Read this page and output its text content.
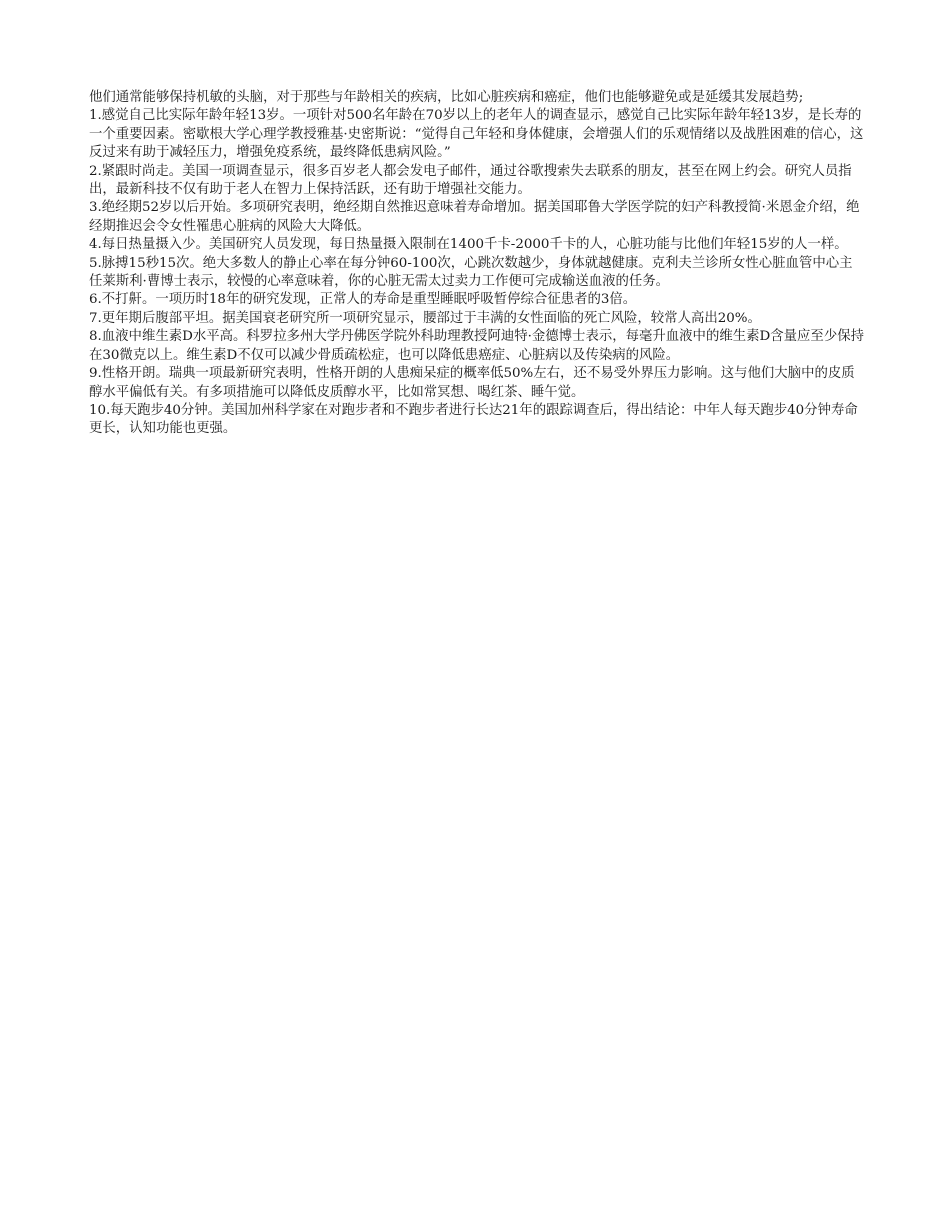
他们通常能够保持机敏的头脑，对于那些与年龄相关的疾病，比如心脏疾病和癌症，他们也能够避免或是延缓其发展趋势;

1.感觉自己比实际年龄年轻13岁。一项针对500名年龄在70岁以上的老年人的调查显示，感觉自己比实际年龄年轻13岁，是长寿的一个重要因素。密歇根大学心理学教授雅基·史密斯说：“觉得自己年轻和身体健康，会增强人们的乐观情绪以及战胜困难的信心，这反过来有助于减轻压力，增强免疫系统，最终降低患病风险。”

2.紧跟时尚走。美国一项调查显示，很多百岁老人都会发电子邮件，通过谷歌搜索失去联系的朋友，甚至在网上约会。研究人员指出，最新科技不仅有助于老人在智力上保持活跃，还有助于增强社交能力。

3.绝经期52岁以后开始。多项研究表明，绝经期自然推迟意味着寿命增加。据美国耶鲁大学医学院的妇产科教授简·米恩金介绍，绝经期推迟会令女性罹患心脏病的风险大大降低。

4.每日热量摄入少。美国研究人员发现，每日热量摄入限制在1400千卡-2000千卡的人，心脏功能与比他们年轻15岁的人一样。

5.脉搏15秒15次。绝大多数人的静止心率在每分钟60-100次，心跳次数越少，身体就越健康。克利夫兰诊所女性心脏血管中心主任莱斯利·曹博士表示，较慢的心率意味着，你的心脏无需太过卖力工作便可完成输送血液的任务。

6.不打鼾。一项历时18年的研究发现，正常人的寿命是重型睡眠呼吸暂停综合征患者的3倍。

7.更年期后腹部平坦。据美国衰老研究所一项研究显示，腰部过于丰满的女性面临的死亡风险，较常人高出20%。

8.血液中维生素D水平高。科罗拉多州大学丹佛医学院外科助理教授阿迪特·金德博士表示，每毫升血液中的维生素D含量应至少保持在30微克以上。维生素D不仅可以减少骨质疏松症，也可以降低患癌症、心脏病以及传染病的风险。

9.性格开朗。瑞典一项最新研究表明，性格开朗的人患痴呆症的概率低50%左右，还不易受外界压力影响。这与他们大脑中的皮质醇水平偏低有关。有多项措施可以降低皮质醇水平，比如常冥想、喝红茶、睡午觉。

10.每天跑步40分钟。美国加州科学家在对跑步者和不跑步者进行长达21年的跟踪调查后，得出结论：中年人每天跑步40分钟寿命更长，认知功能也更强。
